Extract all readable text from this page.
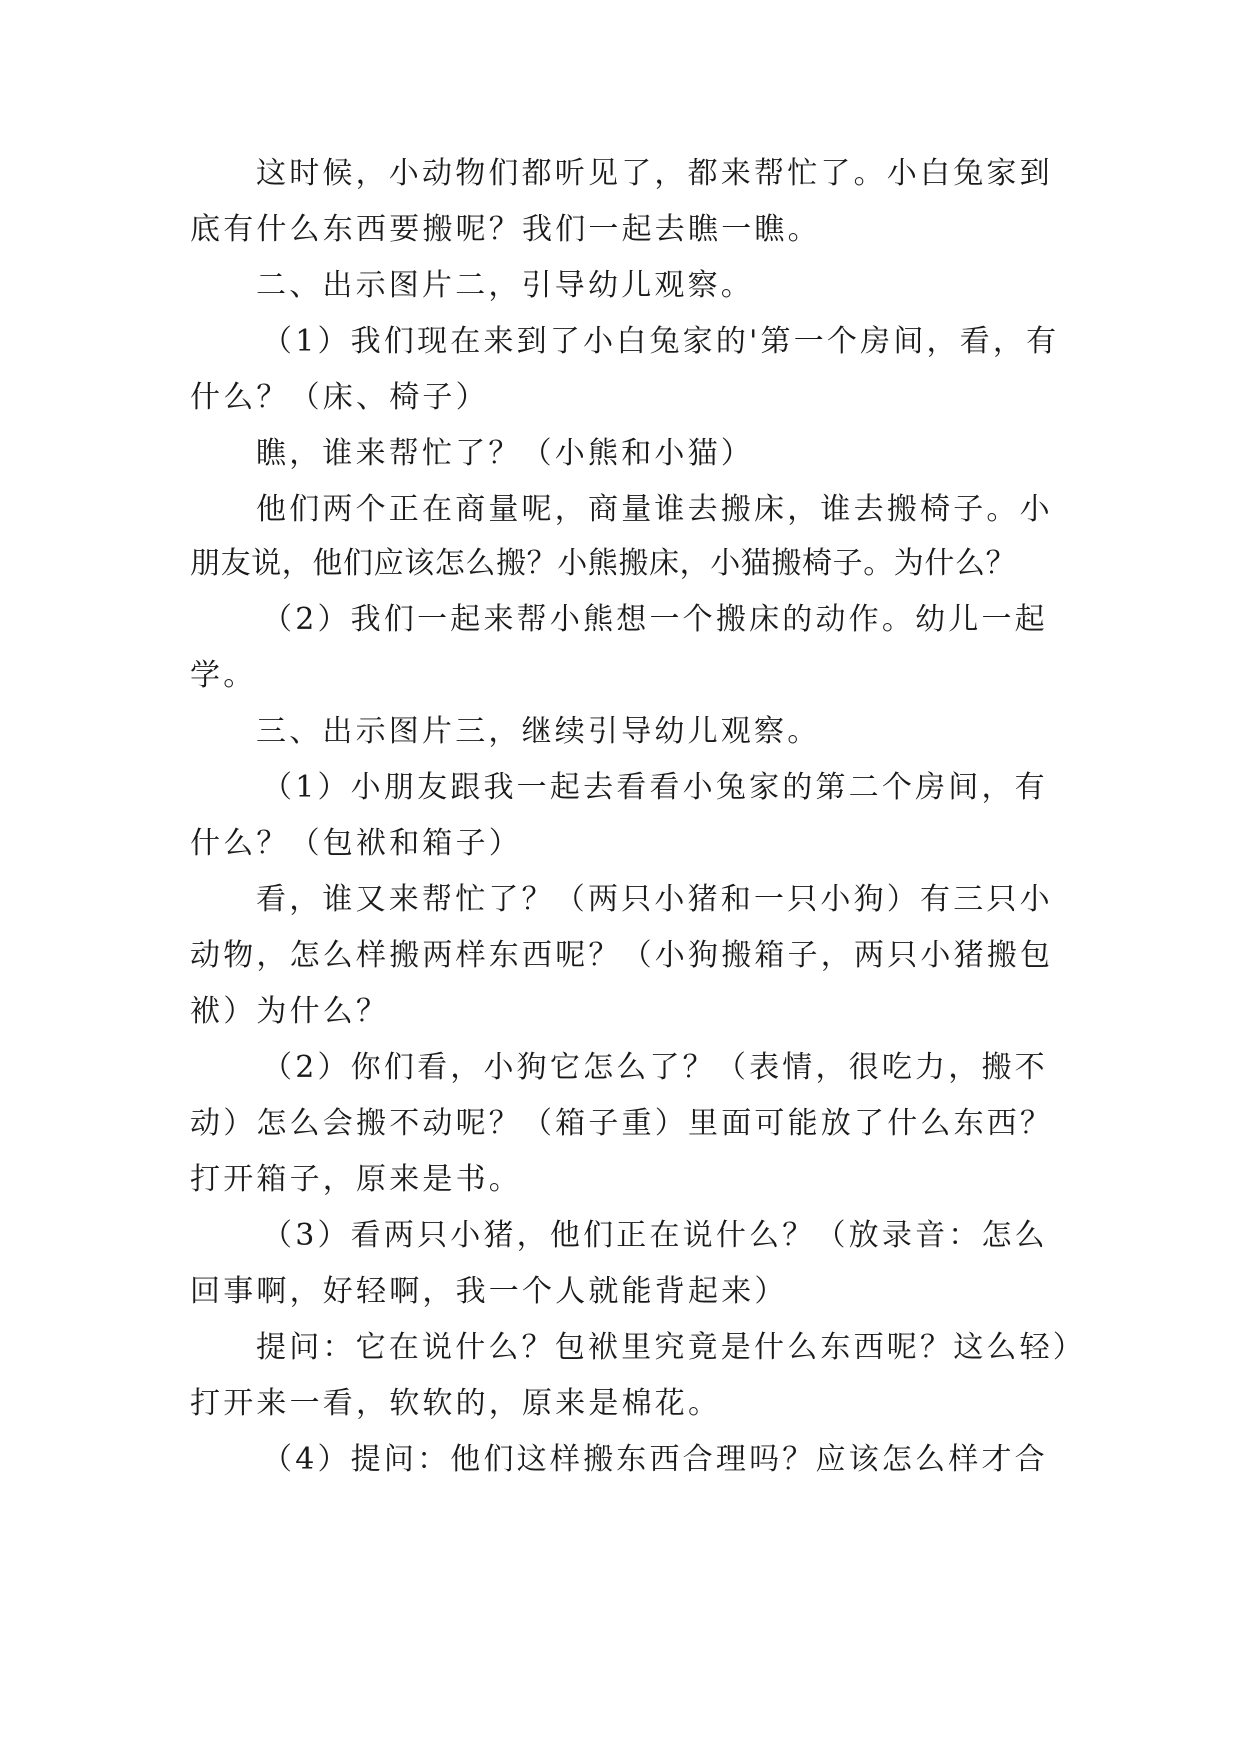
这时候，小动物们都听见了，都来帮忙了。小白兔家到
底有什么东西要搬呢？我们一起去瞧一瞧。
二、出示图片二，引导幼儿观察。
（1）我们现在来到了小白兔家的'第一个房间，看，有
什么？（床、椅子）
瞧，谁来帮忙了？（小熊和小猫）
他们两个正在商量呢，商量谁去搬床，谁去搬椅子。小
朋友说，他们应该怎么搬？小熊搬床，小猫搬椅子。为什么？
（2）我们一起来帮小熊想一个搬床的动作。幼儿一起
学。
三、出示图片三，继续引导幼儿观察。
（1）小朋友跟我一起去看看小兔家的第二个房间，有
什么？（包袱和箱子）
看，谁又来帮忙了？（两只小猪和一只小狗）有三只小
动物，怎么样搬两样东西呢？（小狗搬箱子，两只小猪搬包
袱）为什么？
（2）你们看，小狗它怎么了？（表情，很吃力，搬不
动）怎么会搬不动呢？（箱子重）里面可能放了什么东西？
打开箱子，原来是书。
（3）看两只小猪，他们正在说什么？（放录音：怎么
回事啊，好轻啊，我一个人就能背起来）
提问：它在说什么？包袱里究竟是什么东西呢？这么轻）
打开来一看，软软的，原来是棉花。
（4）提问：他们这样搬东西合理吗？应该怎么样才合
